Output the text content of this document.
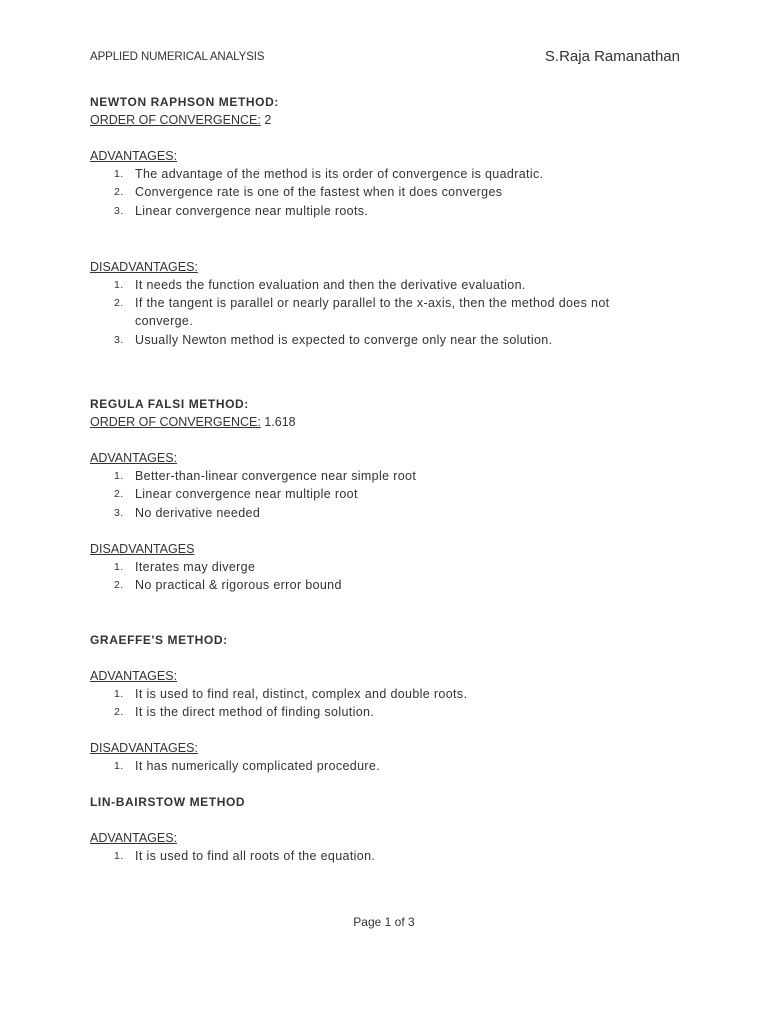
APPLIED NUMERICAL ANALYSIS	S.Raja Ramanathan

NEWTON RAPHSON METHOD:

ORDER OF CONVERGENCE: 2

ADVANTAGES:

1. The advantage of the method is its order of convergence is quadratic.
2. Convergence rate is one of the fastest when it does converges
3. Linear convergence near multiple roots.

DISADVANTAGES:

1. It needs the function evaluation and then the derivative evaluation.
2. If the tangent is parallel or nearly parallel to the x-axis, then the method does not converge.
3. Usually Newton method is expected to converge only near the solution.

REGULA FALSI METHOD:

ORDER OF CONVERGENCE: 1.618

ADVANTAGES:

1. Better-than-linear convergence near simple root
2. Linear convergence near multiple root
3. No derivative needed

DISADVANTAGES

1. Iterates may diverge
2. No practical & rigorous error bound

GRAEFFE'S METHOD:

ADVANTAGES:

1. It is used to find real, distinct, complex and double roots.
2. It is the direct method of finding solution.

DISADVANTAGES:

1. It has numerically complicated procedure.

LIN-BAIRSTOW METHOD

ADVANTAGES:

1. It is used to find all roots of the equation.
Page 1 of 3
